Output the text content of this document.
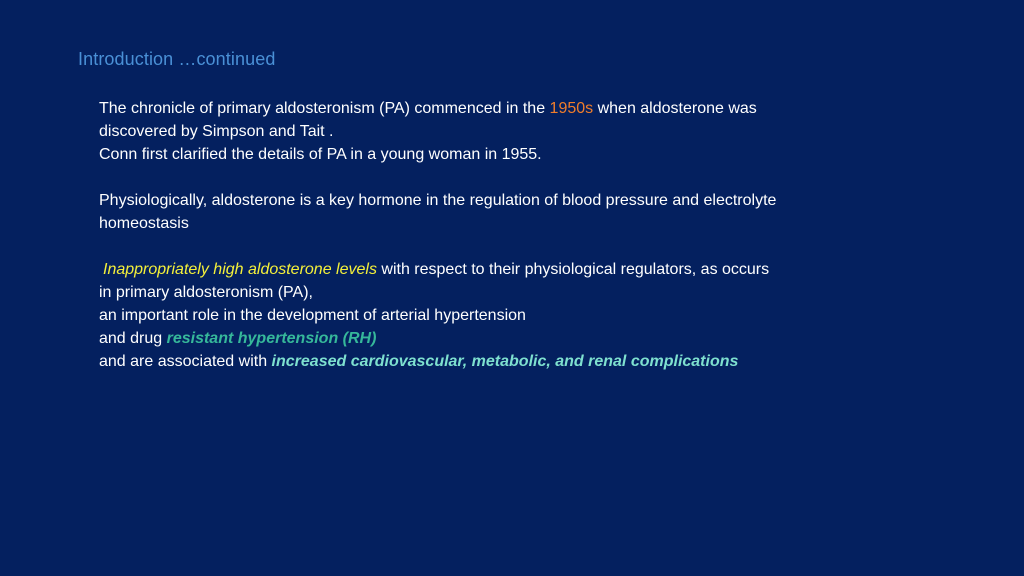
Introduction …continued
The chronicle of primary aldosteronism (PA) commenced in the 1950s when aldosterone was
discovered by Simpson and Tait .
Conn first clarified the details of PA in a young woman in 1955.
Physiologically, aldosterone is a key hormone in the regulation of blood pressure and electrolyte
homeostasis
Inappropriately high aldosterone levels with respect to their physiological regulators, as occurs
in primary aldosteronism (PA),
an important role in the development of arterial hypertension
and drug resistant hypertension (RH)
and are associated with increased cardiovascular, metabolic, and renal complications
